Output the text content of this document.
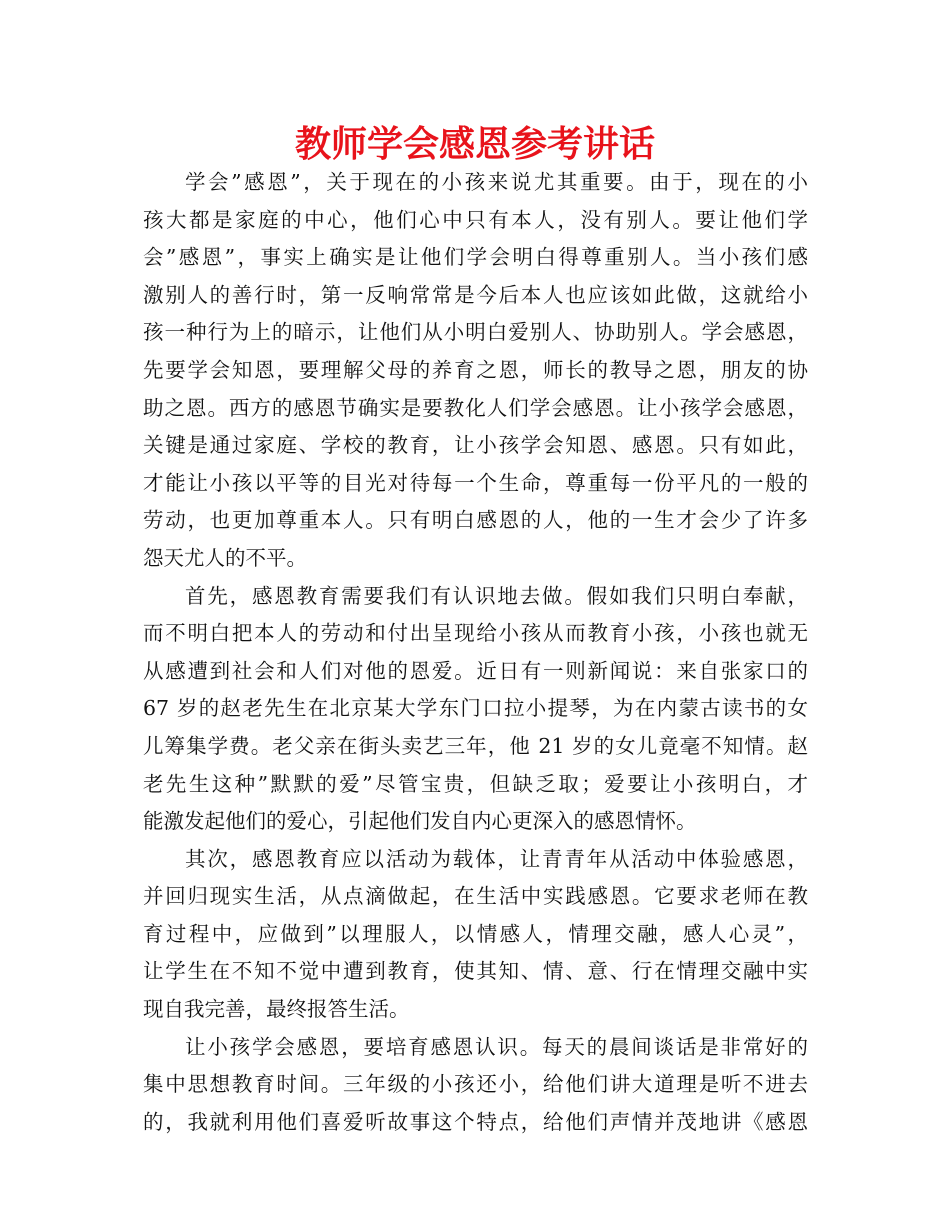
教师学会感恩参考讲话
学会”感恩”，关于现在的小孩来说尤其重要。由于，现在的小
孩大都是家庭的中心，他们心中只有本人，没有别人。要让他们学
会”感恩”，事实上确实是让他们学会明白得尊重别人。当小孩们感
激别人的善行时，第一反响常常是今后本人也应该如此做，这就给小
孩一种行为上的暗示，让他们从小明白爱别人、协助别人。学会感恩，
先要学会知恩，要理解父母的养育之恩，师长的教导之恩，朋友的协
助之恩。西方的感恩节确实是要教化人们学会感恩。让小孩学会感恩，
关键是通过家庭、学校的教育，让小孩学会知恩、感恩。只有如此，
才能让小孩以平等的目光对待每一个生命，尊重每一份平凡的一般的
劳动，也更加尊重本人。只有明白感恩的人，他的一生才会少了许多
怨天尤人的不平。
首先，感恩教育需要我们有认识地去做。假如我们只明白奉献，
而不明白把本人的劳动和付出呈现给小孩从而教育小孩，小孩也就无
从感遭到社会和人们对他的恩爱。近日有一则新闻说：来自张家口的
67 岁的赵老先生在北京某大学东门口拉小提琴，为在内蒙古读书的女
儿筹集学费。老父亲在街头卖艺三年，他 21 岁的女儿竟毫不知情。赵
老先生这种”默默的爱”尽管宝贵，但缺乏取；爱要让小孩明白，才
能激发起他们的爱心，引起他们发自内心更深入的感恩情怀。
其次，感恩教育应以活动为载体，让青青年从活动中体验感恩，
并回归现实生活，从点滴做起，在生活中实践感恩。它要求老师在教
育过程中，应做到”以理服人，以情感人，情理交融，感人心灵”，
让学生在不知不觉中遭到教育，使其知、情、意、行在情理交融中实
现自我完善，最终报答生活。
让小孩学会感恩，要培育感恩认识。每天的晨间谈话是非常好的
集中思想教育时间。三年级的小孩还小，给他们讲大道理是听不进去
的，我就利用他们喜爱听故事这个特点，给他们声情并茂地讲《感恩
